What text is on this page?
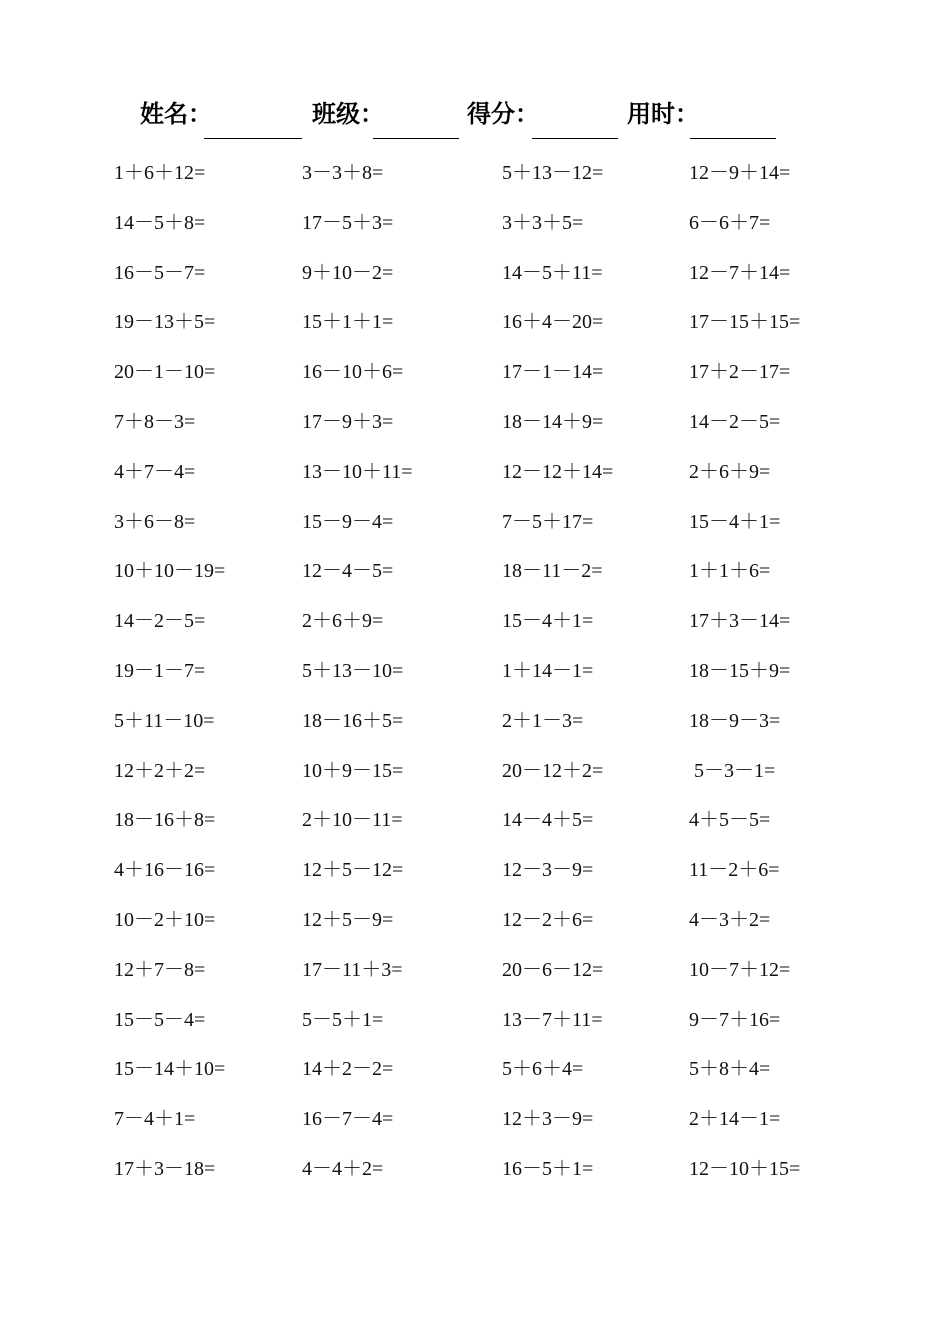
姓名：	班级：	得分：	用时：
1＋6＋12=	3－3＋8=	5＋13－12=	12－9＋14=
14－5＋8=	17－5＋3=	3＋3＋5=	6－6＋7=
16－5－7=	9＋10－2=	14－5＋11=	12－7＋14=
19－13＋5=	15＋1＋1=	16＋4－20=	17－15＋15=
20－1－10=	16－10＋6=	17－1－14=	17＋2－17=
7＋8－3=	17－9＋3=	18－14＋9=	14－2－5=
4＋7－4=	13－10＋11=	12－12＋14=	2＋6＋9=
3＋6－8=	15－9－4=	7－5＋17=	15－4＋1=
10＋10－19=	12－4－5=	18－11－2=	1＋1＋6=
14－2－5=	2＋6＋9=	15－4＋1=	17＋3－14=
19－1－7=	5＋13－10=	1＋14－1=	18－15＋9=
5＋11－10=	18－16＋5=	2＋1－3=	18－9－3=
12＋2＋2=	10＋9－15=	20－12＋2=	5－3－1=
18－16＋8=	2＋10－11=	14－4＋5=	4＋5－5=
4＋16－16=	12＋5－12=	12－3－9=	11－2＋6=
10－2＋10=	12＋5－9=	12－2＋6=	4－3＋2=
12＋7－8=	17－11＋3=	20－6－12=	10－7＋12=
15－5－4=	5－5＋1=	13－7＋11=	9－7＋16=
15－14＋10=	14＋2－2=	5＋6＋4=	5＋8＋4=
7－4＋1=	16－7－4=	12＋3－9=	2＋14－1=
17＋3－18=	4－4＋2=	16－5＋1=	12－10＋15=
